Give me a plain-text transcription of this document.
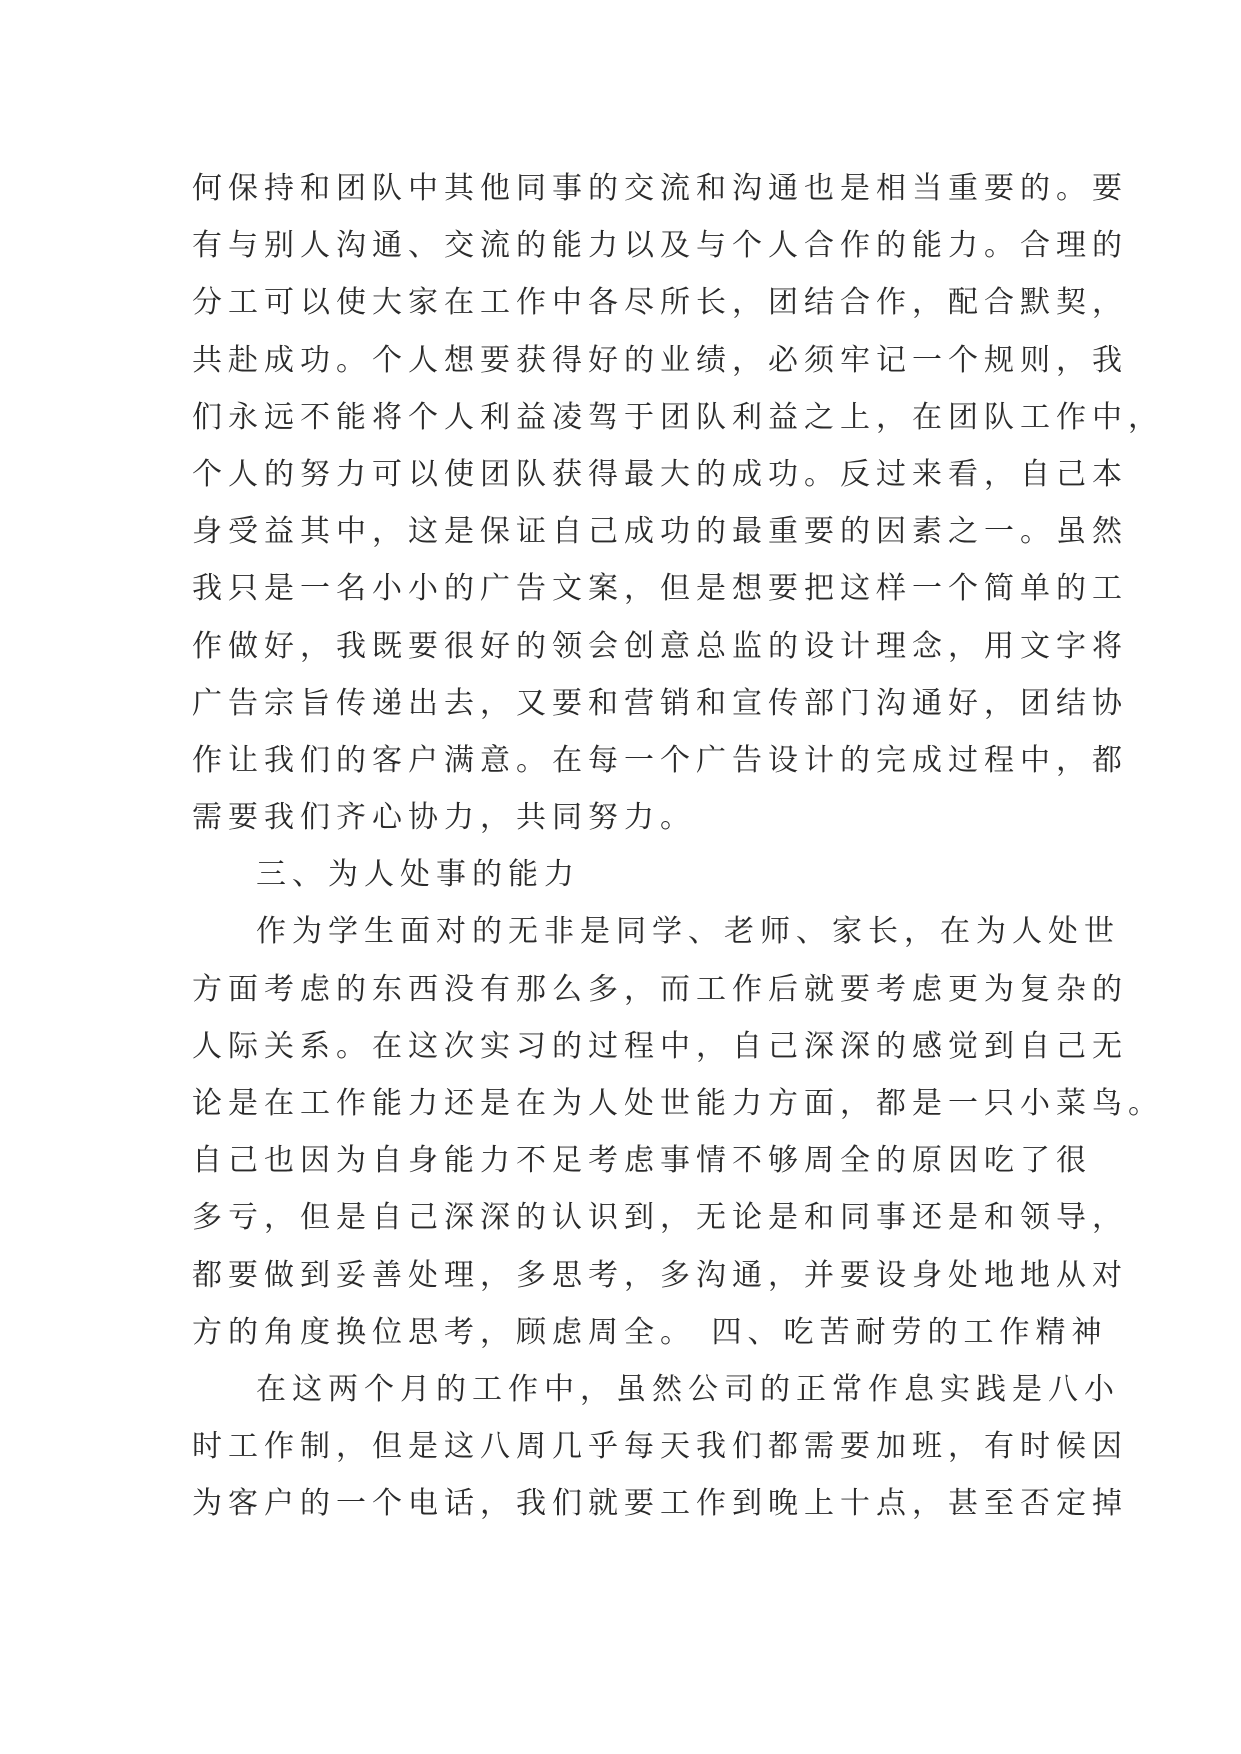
何保持和团队中其他同事的交流和沟通也是相当重要的。要
有与别人沟通、交流的能力以及与个人合作的能力。合理的
分工可以使大家在工作中各尽所长，团结合作，配合默契，
共赴成功。个人想要获得好的业绩，必须牢记一个规则，我
们永远不能将个人利益凌驾于团队利益之上，在团队工作中，
个人的努力可以使团队获得最大的成功。反过来看，自己本
身受益其中，这是保证自己成功的最重要的因素之一。虽然
我只是一名小小的广告文案，但是想要把这样一个简单的工
作做好，我既要很好的领会创意总监的设计理念，用文字将
广告宗旨传递出去，又要和营销和宣传部门沟通好，团结协
作让我们的客户满意。在每一个广告设计的完成过程中，都
需要我们齐心协力，共同努力。
三、为人处事的能力
作为学生面对的无非是同学、老师、家长，在为人处世
方面考虑的东西没有那么多，而工作后就要考虑更为复杂的
人际关系。在这次实习的过程中，自己深深的感觉到自己无
论是在工作能力还是在为人处世能力方面，都是一只小菜鸟。
自己也因为自身能力不足考虑事情不够周全的原因吃了很
多亏，但是自己深深的认识到，无论是和同事还是和领导，
都要做到妥善处理，多思考，多沟通，并要设身处地地从对
方的角度换位思考，顾虑周全。 四、吃苦耐劳的工作精神
在这两个月的工作中，虽然公司的正常作息实践是八小
时工作制，但是这八周几乎每天我们都需要加班，有时候因
为客户的一个电话，我们就要工作到晚上十点，甚至否定掉
